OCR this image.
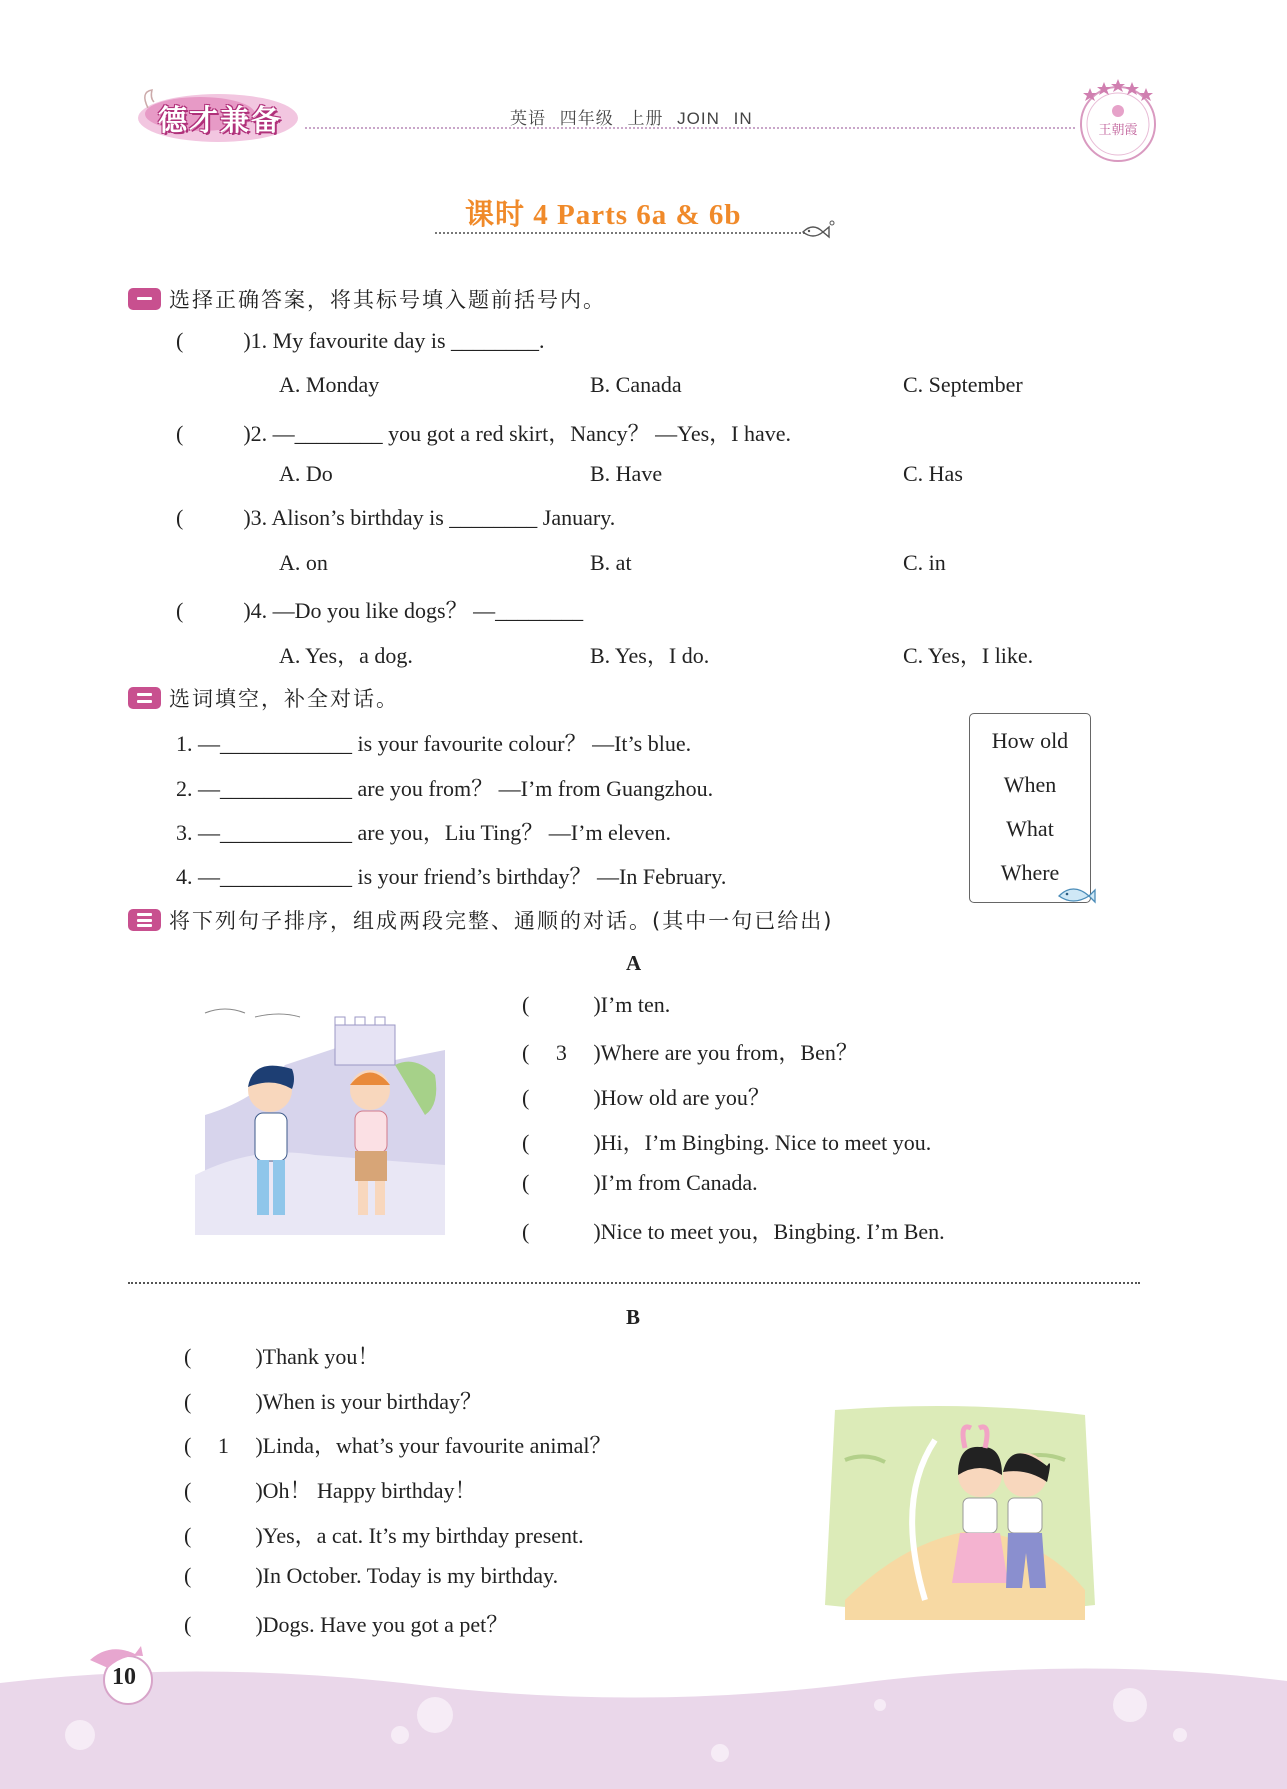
德才兼备	英语 四年级 上册 JOIN IN
王朝霞
课时 4 Parts 6a & 6b
选择正确答案，将其标号填入题前括号内。
(	)1. My favourite day is ________.
A. Monday	B. Canada	C. September
(	)2. —________ you got a red skirt，Nancy？ —Yes，I have.
A. Do	B. Have	C. Has
(	)3. Alison’s birthday is ________ January.
A. on	B. at	C. in
(	)4. —Do you like dogs？ —________
A. Yes，a dog.	B. Yes，I do.	C. Yes，I like.
选词填空，补全对话。
1. —____________ is your favourite colour？ —It’s blue.
2. —____________ are you from？ —I’m from Guangzhou.
3. —____________ are you，Liu Ting？ —I’m eleven.
4. —____________ is your friend’s birthday？ —In February.
How old
When
What
Where
将下列句子排序，组成两段完整、通顺的对话。(其中一句已给出)
A
(	)I’m ten.
( 3 )Where are you from，Ben？
(	)How old are you？
(	)Hi，I’m Bingbing. Nice to meet you.
(	)I’m from Canada.
(	)Nice to meet you，Bingbing. I’m Ben.
B
(	)Thank you！
(	)When is your birthday？
( 1 )Linda，what’s your favourite animal？
(	)Oh！ Happy birthday！
(	)Yes，a cat. It’s my birthday present.
(	)In October. Today is my birthday.
(	)Dogs. Have you got a pet？
10
